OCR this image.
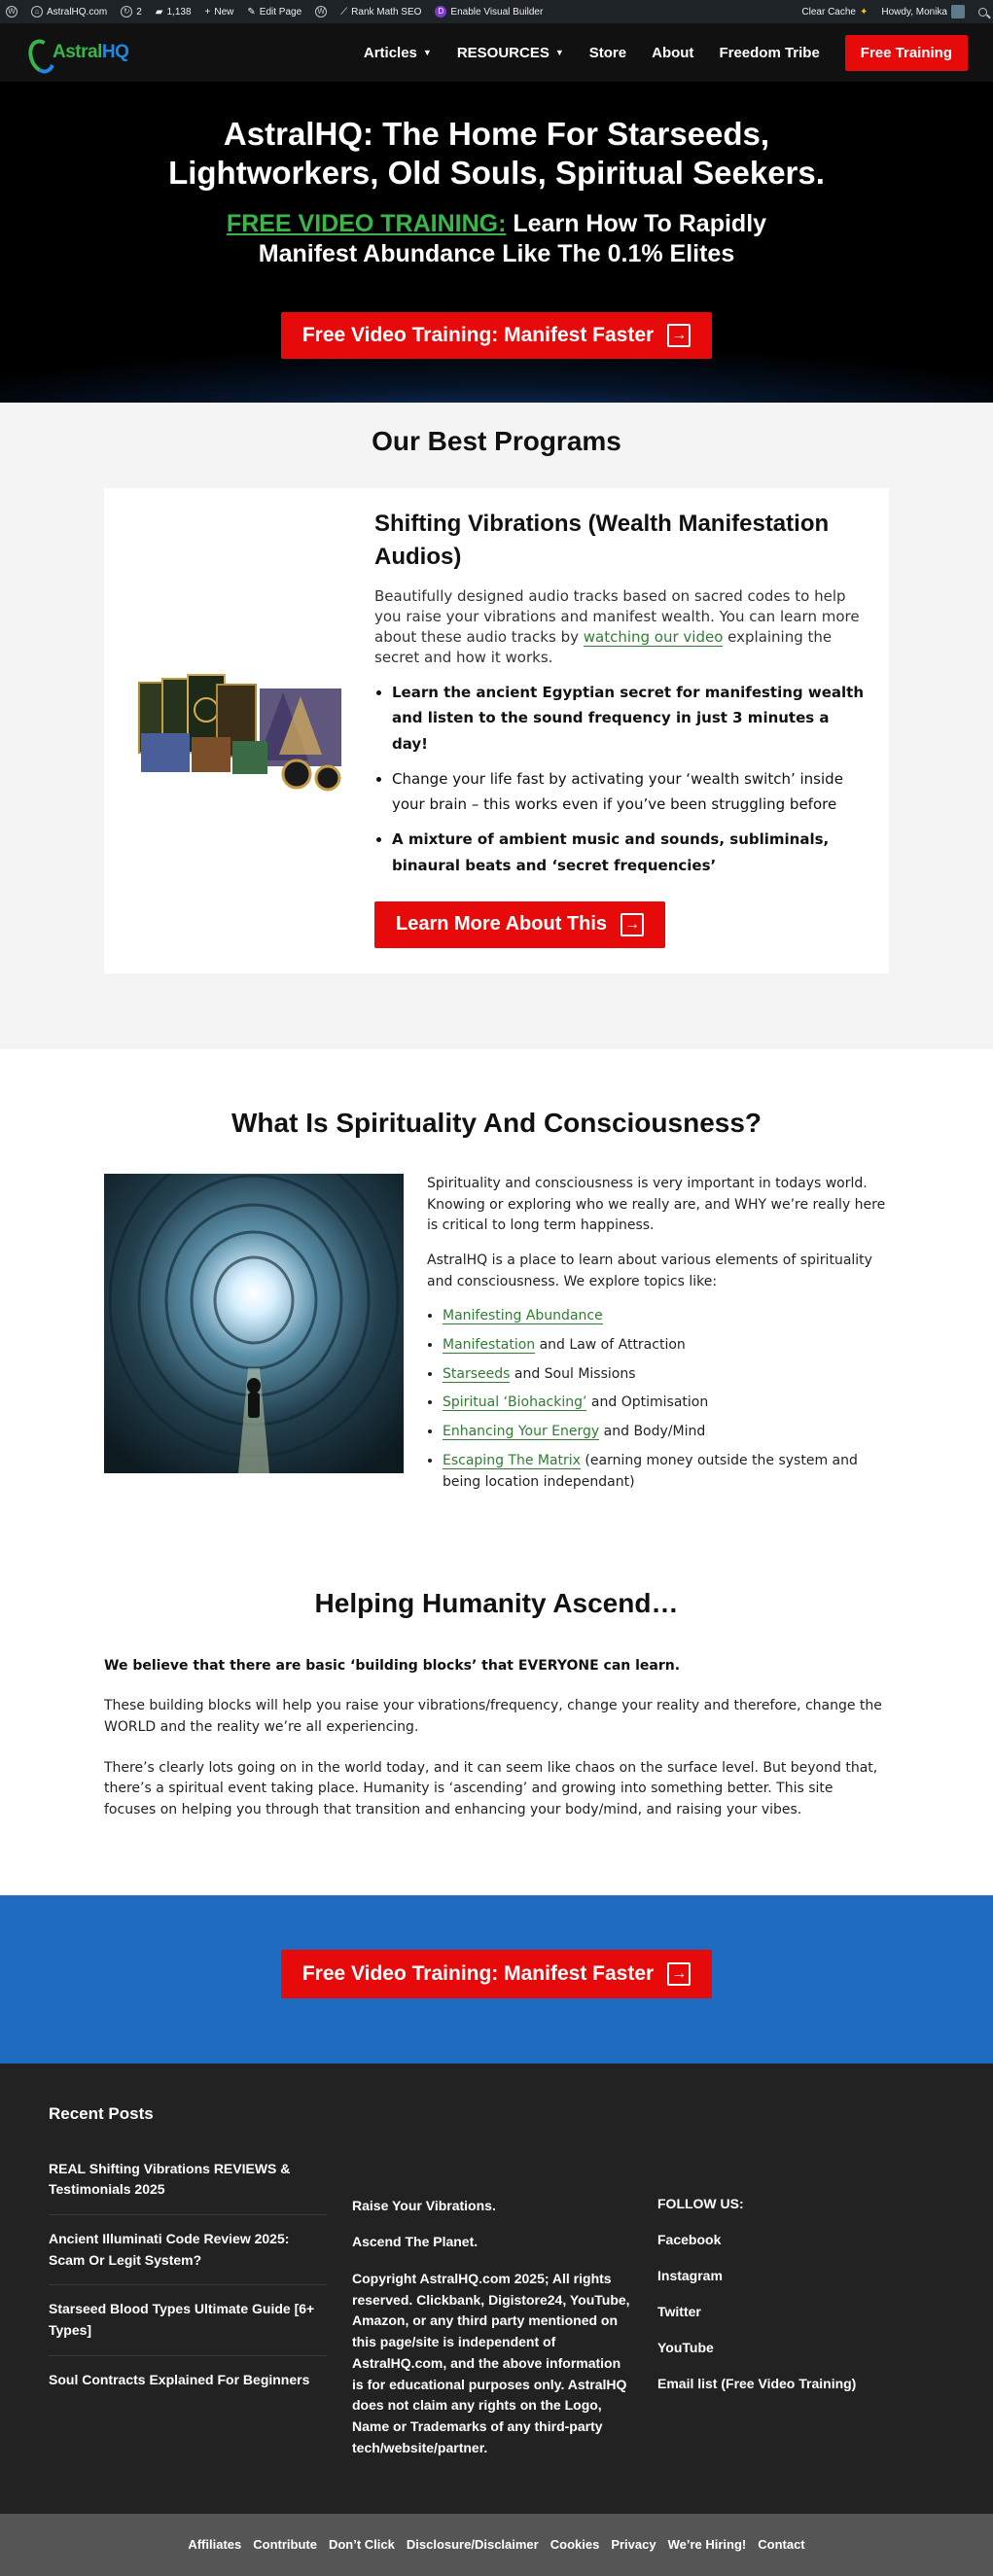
W	⌂ AstralHQ.com	↻ 2 ▰ 1,138 + New ✎ Edit Page W ⟋ Rank Math SEO	D Enable Visual Builder	Clear Cache ✦ Howdy, Monika
AstralHQ	Articles ▼ RESOURCES ▼ Store About Freedom Tribe	Free Training
AstralHQ: The Home For Starseeds, Lightworkers, Old Souls, Spiritual Seekers.
FREE VIDEO TRAINING: Learn How To Rapidly Manifest Abundance Like The 0.1% Elites
Free Video Training: Manifest Faster →
Our Best Programs
Shifting Vibrations (Wealth Manifestation Audios)

Beautifully designed audio tracks based on sacred codes to help you raise your vibrations and manifest wealth. You can learn more about these audio tracks by watching our video explaining the secret and how it works.

• Learn the ancient Egyptian secret for manifesting wealth and listen to the sound frequency in just 3 minutes a day!
• Change your life fast by activating your ‘wealth switch’ inside your brain – this works even if you’ve been struggling before
• A mixture of ambient music and sounds, subliminals, binaural beats and ‘secret frequencies’
Learn More About This →
What Is Spirituality And Consciousness?

Spirituality and consciousness is very important in todays world. Knowing or exploring who we really are, and WHY we’re really here is critical to long term happiness.

AstralHQ is a place to learn about various elements of spirituality and consciousness. We explore topics like:

• Manifesting Abundance
• Manifestation and Law of Attraction
• Starseeds and Soul Missions
• Spiritual ‘Biohacking’ and Optimisation
• Enhancing Your Energy and Body/Mind
• Escaping The Matrix (earning money outside the system and being location independant)
Helping Humanity Ascend…

We believe that there are basic ‘building blocks’ that EVERYONE can learn.

These building blocks will help you raise your vibrations/frequency, change your reality and therefore, change the WORLD and the reality we’re all experiencing.

There’s clearly lots going on in the world today, and it can seem like chaos on the surface level. But beyond that, there’s a spiritual event taking place. Humanity is ‘ascending’ and growing into something better. This site focuses on helping you through that transition and enhancing your body/mind, and raising your vibes.

Free Video Training: Manifest Faster →
Recent Posts
REAL Shifting Vibrations REVIEWS & Testimonials 2025
Ancient Illuminati Code Review 2025: Scam Or Legit System?
Starseed Blood Types Ultimate Guide [6+ Types]
Soul Contracts Explained For Beginners

Raise Your Vibrations.

Ascend The Planet.

Copyright AstralHQ.com 2025; All rights reserved. Clickbank, Digistore24, YouTube, Amazon, or any third party mentioned on this page/site is independent of AstralHQ.com, and the above information is for educational purposes only. AstralHQ does not claim any rights on the Logo, Name or Trademarks of any third-party tech/website/partner.

FOLLOW US:
Facebook
Instagram
Twitter
YouTube
Email list (Free Video Training)
Affiliates Contribute Don’t Click Disclosure/Disclaimer Cookies Privacy We’re Hiring! Contact
